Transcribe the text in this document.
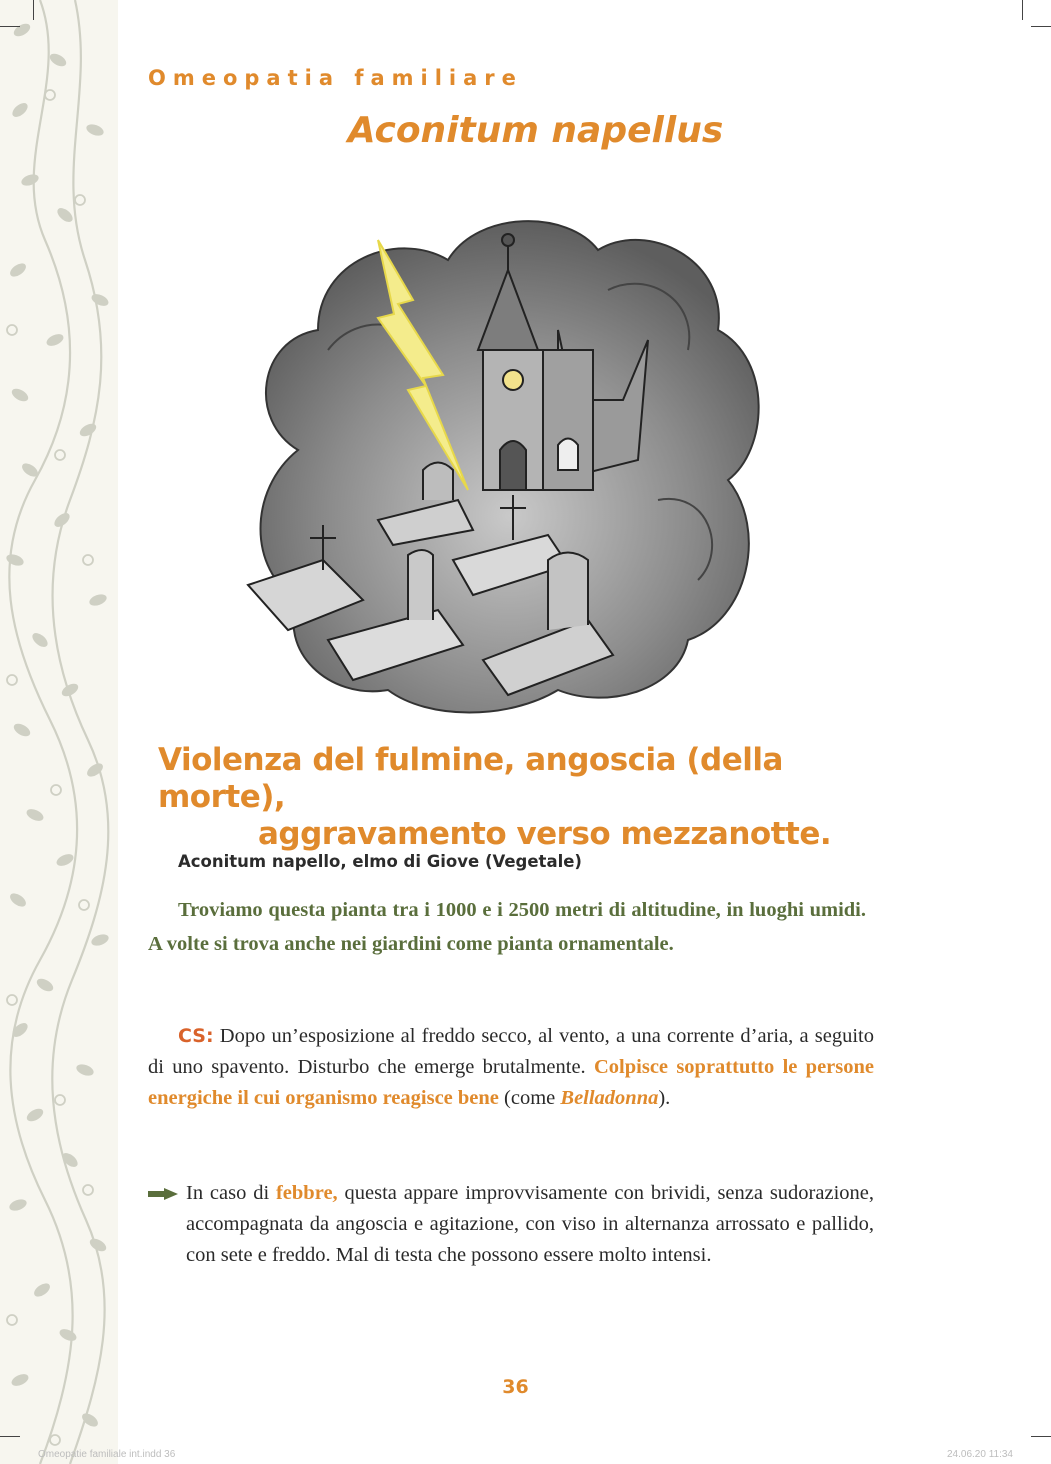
Omeopatia familiare
Aconitum napellus
Violenza del fulmine, angoscia (della morte),
aggravamento verso mezzanotte.
Aconitum napello, elmo di Giove (Vegetale)
Troviamo questa pianta tra i 1000 e i 2500 metri di altitudine, in luoghi umidi. A volte si trova anche nei giardini come pianta ornamentale.
CS: Dopo un’esposizione al freddo secco, al vento, a una corrente d’aria, a seguito di uno spavento. Disturbo che emerge brutalmente. Colpisce soprattutto le persone energiche il cui organismo reagisce bene (come Belladonna).
In caso di febbre, questa appare improvvisamente con brividi, senza sudorazione, accompagnata da angoscia e agitazione, con viso in alternanza arrossato e pallido, con sete e freddo. Mal di testa che possono essere molto intensi.
36
Omeopatie familiale int.indd 36	24.06.20 11:34
